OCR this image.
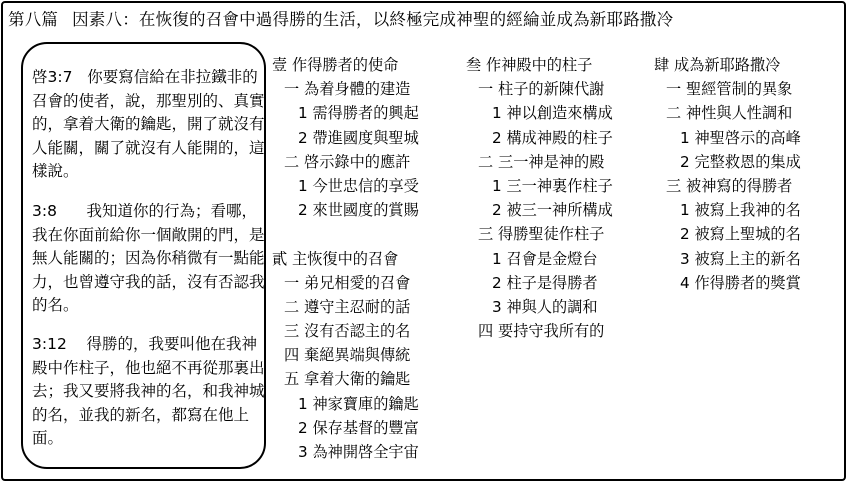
第八篇 因素八：在恢復的召會中過得勝的生活，以終極完成神聖的經綸並成為新耶路撒冷

啓3:7 你要寫信給在非拉鐵非的召會的使者，說，那聖別的、真實的，拿着大衛的鑰匙，開了就沒有人能關，關了就沒有人能開的，這樣說。

3:8 我知道你的行為；看哪，我在你面前給你一個敞開的門，是無人能關的；因為你稍微有一點能力，也曾遵守我的話，沒有否認我的名。

3:12 得勝的，我要叫他在我神殿中作柱子，他也絕不再從那裏出去；我又要將我神的名，和我神城的名，並我的新名，都寫在他上面。

壹 作得勝者的使命
一 為着身體的建造
1 需得勝者的興起
2 帶進國度與聖城
二 啓示錄中的應許
1 今世忠信的享受
2 來世國度的賞賜
貳 主恢復中的召會
一 弟兄相愛的召會
二 遵守主忍耐的話
三 沒有否認主的名
四 棄絕異端與傳統
五 拿着大衛的鑰匙
1 神家寶庫的鑰匙
2 保存基督的豐富
3 為神開啓全宇宙
叁 作神殿中的柱子
一 柱子的新陳代謝
1 神以創造來構成
2 構成神殿的柱子
二 三一神是神的殿
1 三一神裏作柱子
2 被三一神所構成
三 得勝聖徒作柱子
1 召會是金燈台
2 柱子是得勝者
3 神與人的調和
四 要持守我所有的
肆 成為新耶路撒冷
一 聖經管制的異象
二 神性與人性調和
1 神聖啓示的高峰
2 完整救恩的集成
三 被神寫的得勝者
1 被寫上我神的名
2 被寫上聖城的名
3 被寫上主的新名
4 作得勝者的獎賞
